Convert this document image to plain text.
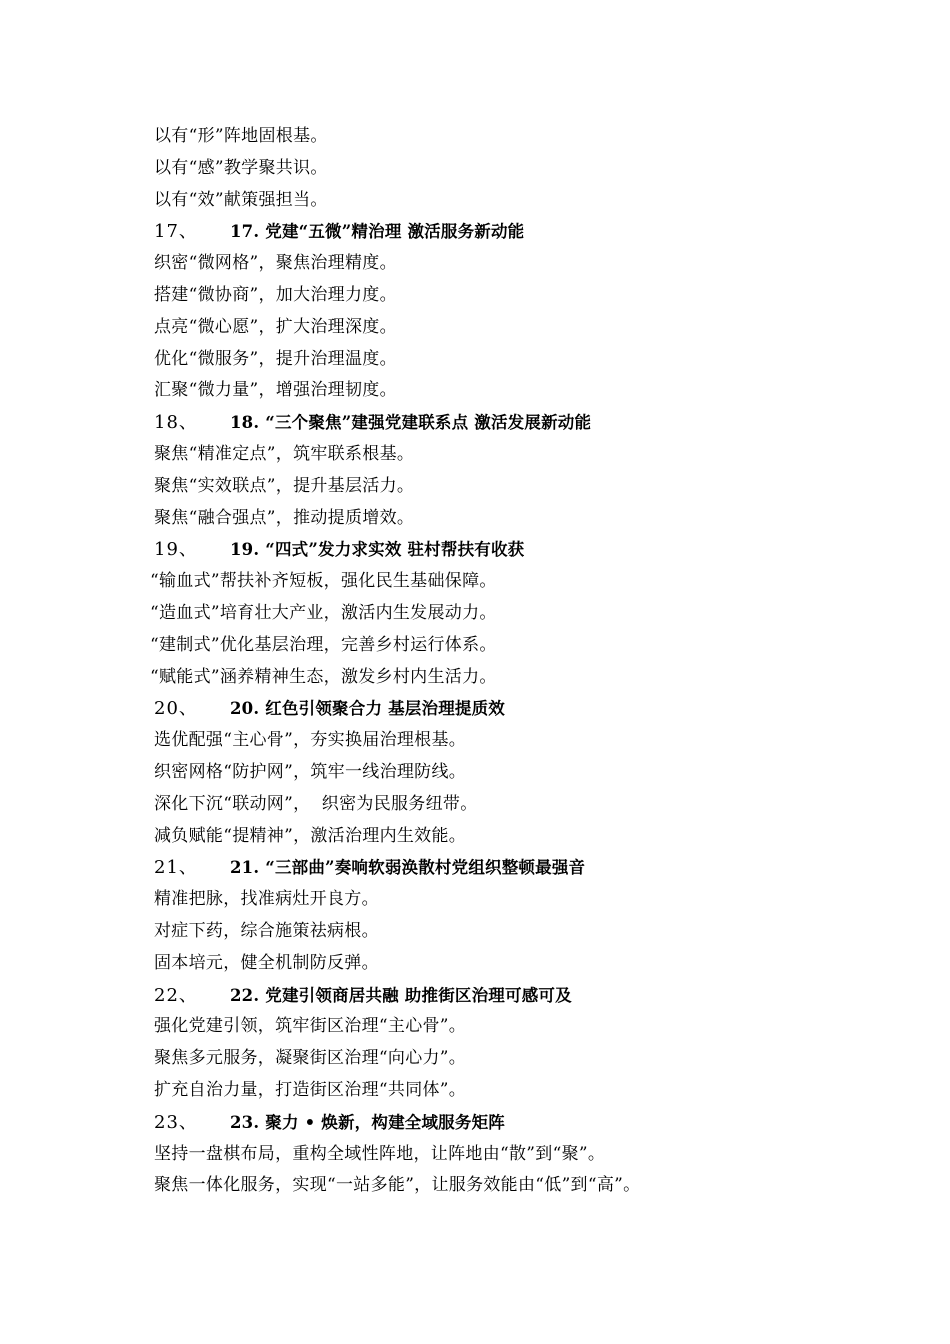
以有“形”阵地固根基。
以有“感”教学聚共识。
以有“效”献策强担当。
17、 17. 党建“五微”精治理 激活服务新动能
织密“微网格”，聚焦治理精度。
搭建“微协商”，加大治理力度。
点亮“微心愿”，扩大治理深度。
优化“微服务”，提升治理温度。
汇聚“微力量”，增强治理韧度。
18、 18. “三个聚焦”建强党建联系点 激活发展新动能
聚焦“精准定点”，筑牢联系根基。
聚焦“实效联点”，提升基层活力。
聚焦“融合强点”，推动提质增效。
19、 19. “四式”发力求实效 驻村帮扶有收获
“输血式”帮扶补齐短板，强化民生基础保障。
“造血式”培育壮大产业，激活内生发展动力。
“建制式”优化基层治理，完善乡村运行体系。
“赋能式”涵养精神生态，激发乡村内生活力。
20、 20. 红色引领聚合力 基层治理提质效
选优配强“主心骨”，夯实换届治理根基。
织密网格“防护网”，筑牢一线治理防线。
深化下沉“联动网”，  织密为民服务纽带。
减负赋能“提精神”，激活治理内生效能。
21、 21. “三部曲”奏响软弱涣散村党组织整顿最强音
精准把脉，找准病灶开良方。
对症下药，综合施策祛病根。
固本培元，健全机制防反弹。
22、 22. 党建引领商居共融 助推街区治理可感可及
强化党建引领，筑牢街区治理“主心骨”。
聚焦多元服务，凝聚街区治理“向心力”。
扩充自治力量，打造街区治理“共同体”。
23、 23. 聚力 • 焕新，构建全域服务矩阵
坚持一盘棋布局，重构全域性阵地，让阵地由“散”到“聚”。
聚焦一体化服务，实现“一站多能”，让服务效能由“低”到“高”。
